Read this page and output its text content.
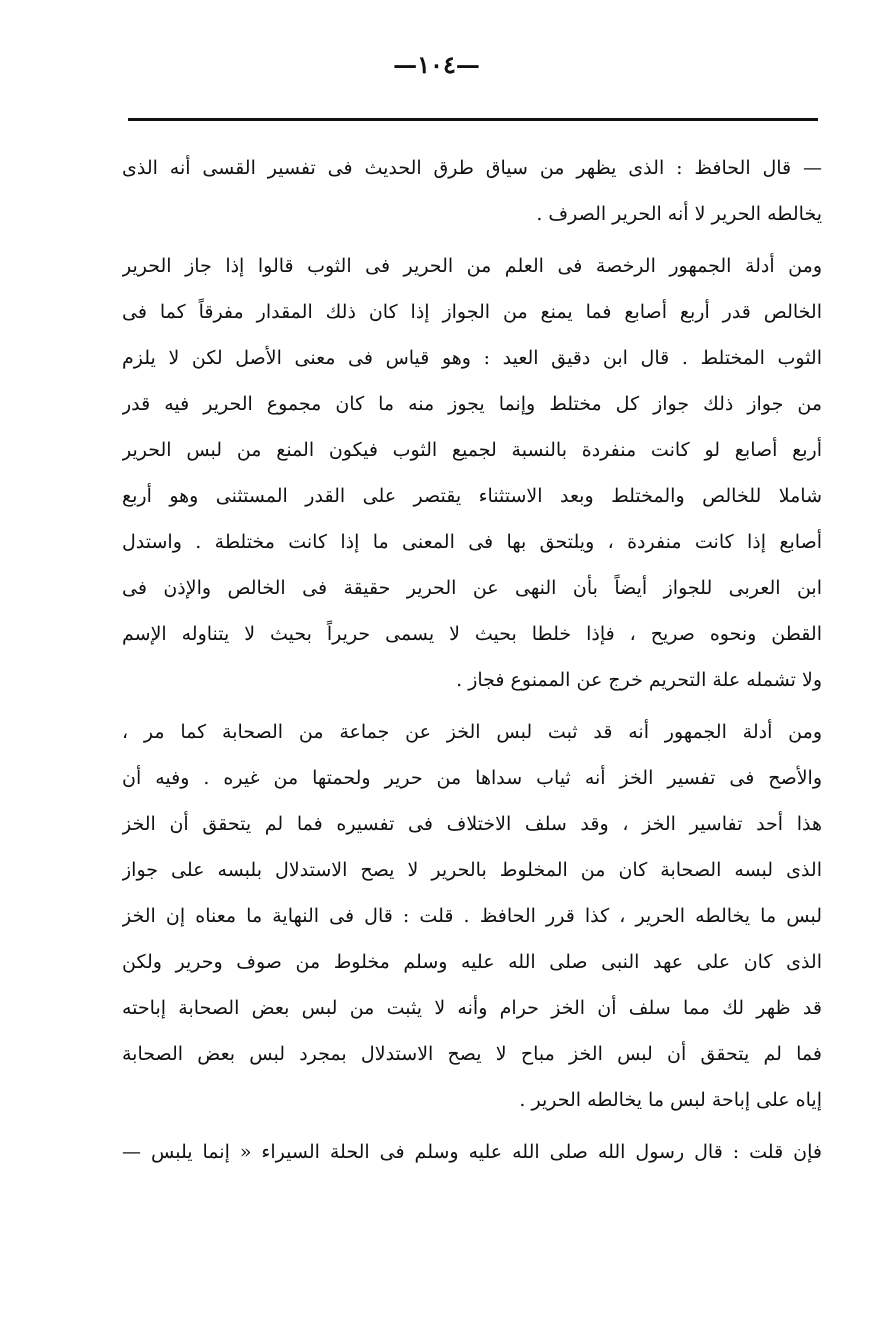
—١٠٤—
— قال الحافظ : الذى يظهر من سياق طرق الحديث فى تفسير القسى أنه الذى
يخالطه الحرير لا أنه الحرير الصرف .
ومن أدلة الجمهور الرخصة فى العلم من الحرير فى الثوب قالوا إذا جاز الحرير
الخالص قدر أربع أصابع فما يمنع من الجواز إذا كان ذلك المقدار مفرقاً كما فى
الثوب المختلط . قال ابن دقيق العيد : وهو قياس فى معنى الأصل لكن لا يلزم
من جواز ذلك جواز كل مختلط وإنما يجوز منه ما كان مجموع الحرير فيه قدر
أربع أصابع لو كانت منفردة بالنسبة لجميع الثوب فيكون المنع من لبس الحرير
شاملا للخالص والمختلط وبعد الاستثناء يقتصر على القدر المستثنى وهو أربع
أصابع إذا كانت منفردة ، ويلتحق بها فى المعنى ما إذا كانت مختلطة . واستدل
ابن العربى للجواز أيضاً بأن النهى عن الحرير حقيقة فى الخالص والإذن فى
القطن ونحوه صريح ، فإذا خلطا بحيث لا يسمى حريراً بحيث لا يتناوله الإسم
ولا تشمله علة التحريم خرج عن الممنوع فجاز .
ومن أدلة الجمهور أنه قد ثبت لبس الخز عن جماعة من الصحابة كما مر ،
والأصح فى تفسير الخز أنه ثياب سداها من حرير ولحمتها من غيره . وفيه أن
هذا أحد تفاسير الخز ، وقد سلف الاختلاف فى تفسيره فما لم يتحقق أن الخز
الذى لبسه الصحابة كان من المخلوط بالحرير لا يصح الاستدلال بلبسه على جواز
لبس ما يخالطه الحرير ، كذا قرر الحافظ . قلت : قال فى النهاية ما معناه إن الخز
الذى كان على عهد النبى صلى الله عليه وسلم مخلوط من صوف وحرير ولكن
قد ظهر لك مما سلف أن الخز حرام وأنه لا يثبت من لبس بعض الصحابة إباحته
فما لم يتحقق أن لبس الخز مباح لا يصح الاستدلال بمجرد لبس بعض الصحابة
إياه على إباحة لبس ما يخالطه الحرير .
فإن قلت : قال رسول الله صلى الله عليه وسلم فى الحلة السيراء « إنما يلبس —
